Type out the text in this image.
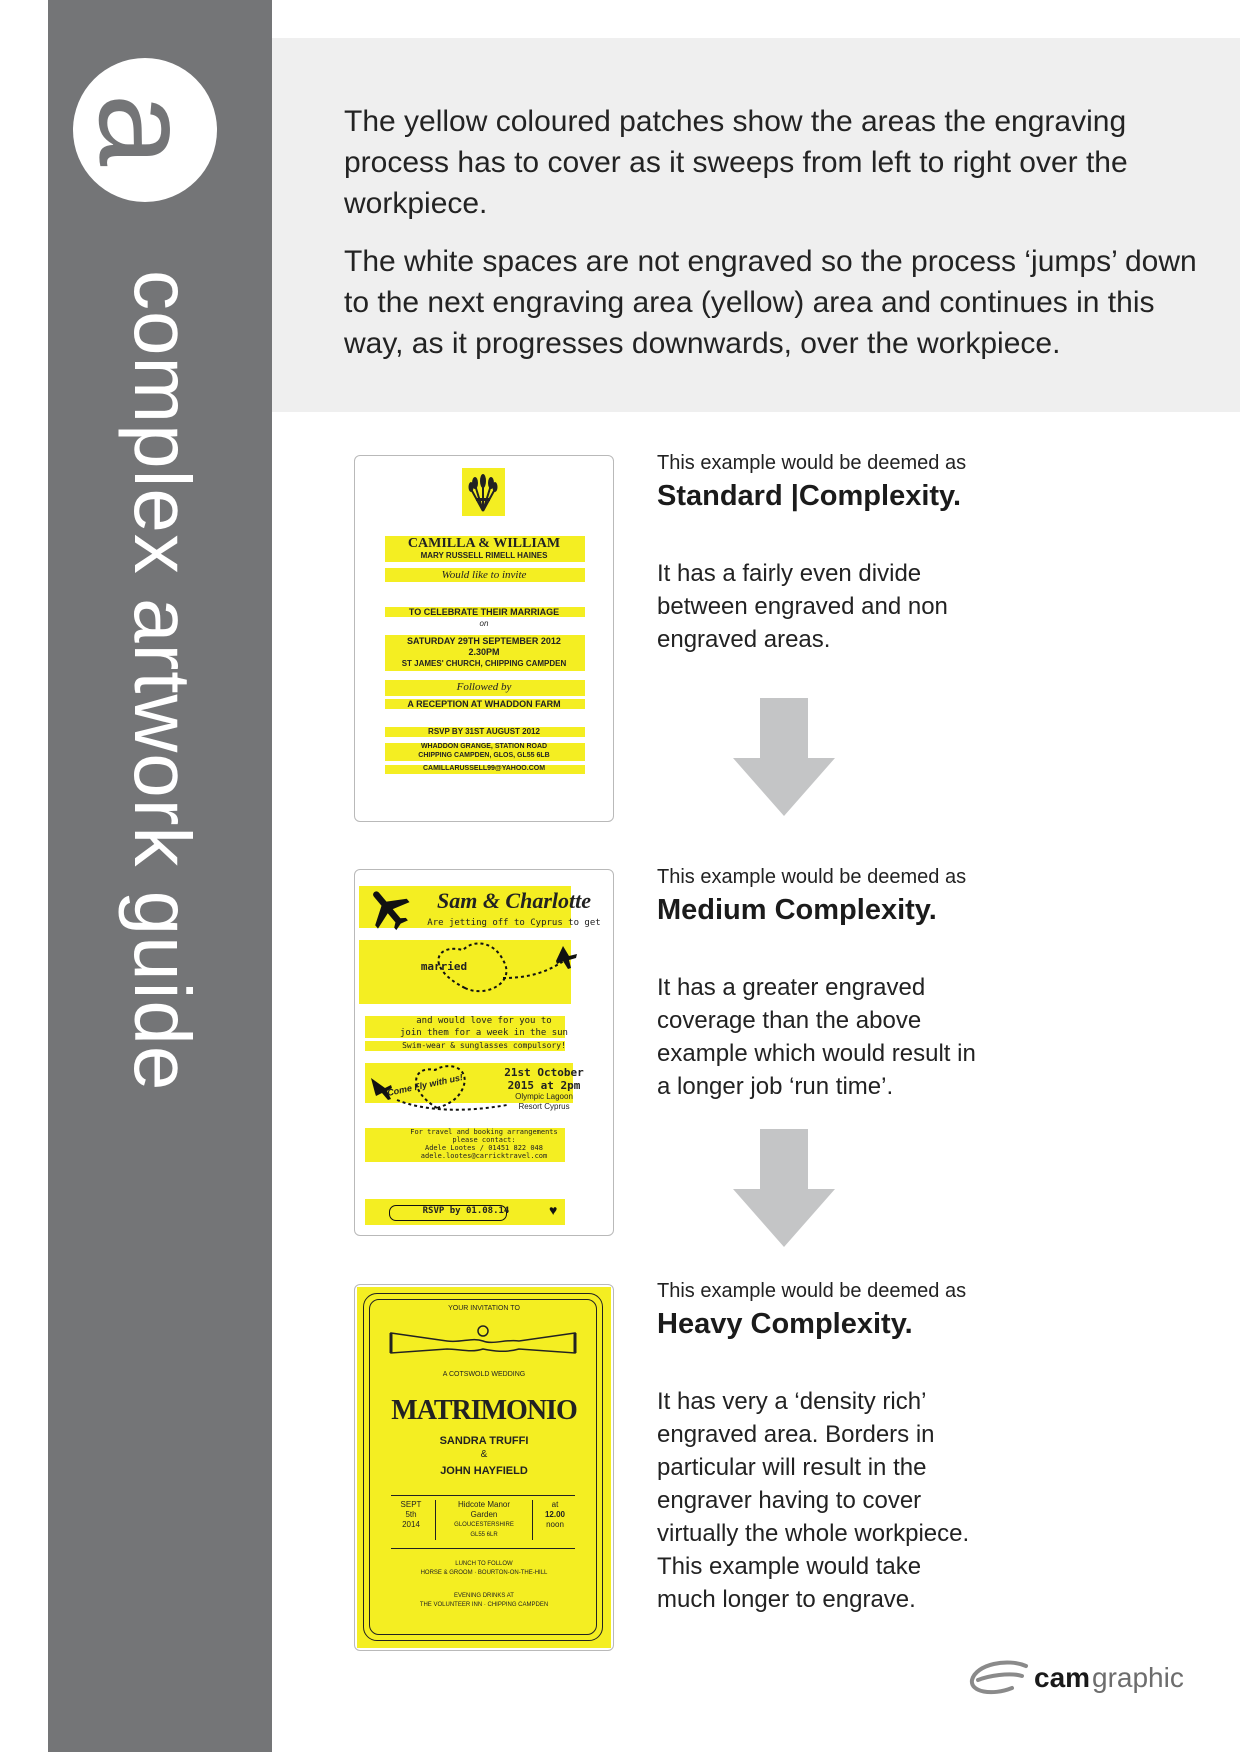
a
complex artwork guide

The yellow coloured patches show the areas the engraving process has to cover as it sweeps from left to right over the workpiece.

The white spaces are not engraved so the process ‘jumps’ down to the next engraving area (yellow) area and continues in this way, as it progresses downwards, over the workpiece.

CAMILLA & WILLIAM
MARY RUSSELL RIMELL HAINES
Would like to invite
TO CELEBRATE THEIR MARRIAGE
on
SATURDAY 29TH SEPTEMBER 2012
2.30PM
ST JAMES' CHURCH, CHIPPING CAMPDEN
Followed by
A RECEPTION AT WHADDON FARM
RSVP BY 31ST AUGUST 2012
WHADDON GRANGE, STATION ROAD
CHIPPING CAMPDEN, GLOS, GL55 6LB
CAMILLARUSSELL99@YAHOO.COM
Sam & Charlotte
Are jetting off to Cyprus to get
married
and would love for you to
join them for a week in the sun
Swim-wear & sunglasses compulsory!
Come Fly with us!	21st October
2015 at 2pm
Olympic Lagoon
Resort Cyprus
For travel and booking arrangements
please contact:
Adele Lootes / 01451 822 048
adele.lootes@carricktravel.com
RSVP by 01.08.14	♥
YOUR INVITATION TO
A COTSWOLD WEDDING
MATRIMONIO
SANDRA TRUFFI
&
JOHN HAYFIELD
SEPT
5th
2014
Hidcote Manor
Garden
GLOUCESTERSHIRE
GL55 6LR
at
12.00
noon
LUNCH TO FOLLOW
HORSE & GROOM · BOURTON-ON-THE-HILL
EVENING DRINKS AT
THE VOLUNTEER INN · CHIPPING CAMPDEN
This example would be deemed as
Standard |Complexity.

It has a fairly even divide between engraved and non engraved areas.

This example would be deemed as
Medium Complexity.

It has a greater engraved coverage than the above example which would result in a longer job ‘run time’.

This example would be deemed as
Heavy Complexity.

It has very a ‘density rich’ engraved area. Borders in particular will result in the engraver having to cover virtually the whole workpiece. This example would take much longer to engrave.

cam graphic
